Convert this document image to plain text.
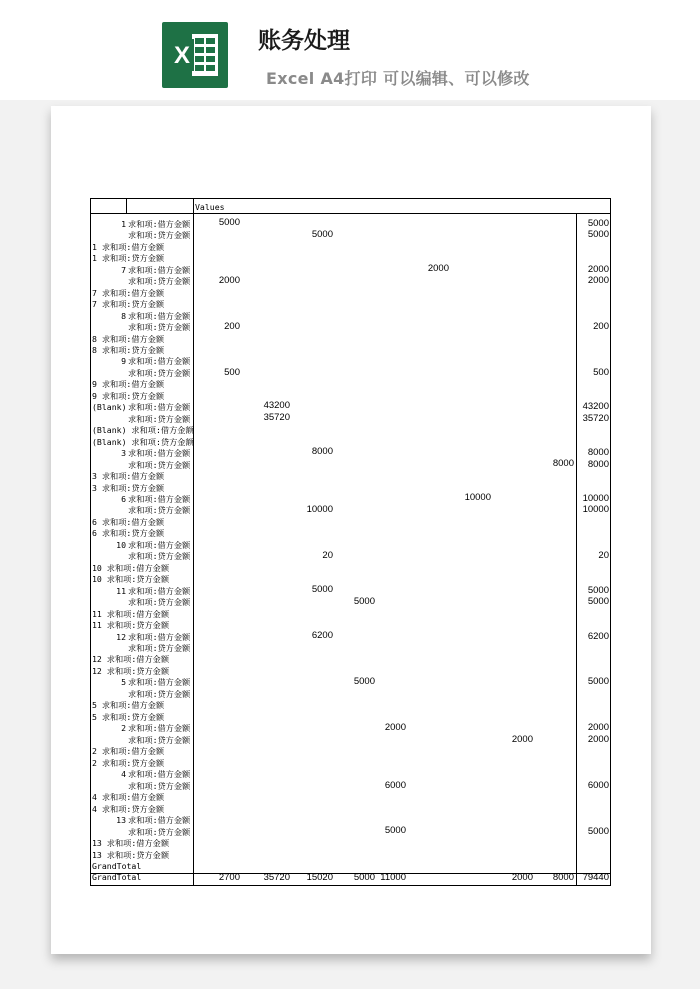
X
账务处理
Excel A4打印 可以编辑、可以修改
Values
1 求和项:借方金额
求和项:贷方金额
1 求和项:借方金额
1 求和项:贷方金额
7 求和项:借方金额
求和项:贷方金额
7 求和项:借方金额
7 求和项:贷方金额
8 求和项:借方金额
求和项:贷方金额
8 求和项:借方金额
8 求和项:贷方金额
9 求和项:借方金额
求和项:贷方金额
9 求和项:借方金额
9 求和项:贷方金额
(Blank) 求和项:借方金额
求和项:贷方金额
(Blank) 求和项:借方金额
(Blank) 求和项:贷方金额
3 求和项:借方金额
求和项:贷方金额
3 求和项:借方金额
3 求和项:贷方金额
6 求和项:借方金额
求和项:贷方金额
6 求和项:借方金额
6 求和项:贷方金额
10 求和项:借方金额
求和项:贷方金额
10 求和项:借方金额
10 求和项:贷方金额
11 求和项:借方金额
求和项:贷方金额
11 求和项:借方金额
11 求和项:贷方金额
12 求和项:借方金额
求和项:贷方金额
12 求和项:借方金额
12 求和项:贷方金额
5 求和项:借方金额
求和项:贷方金额
5 求和项:借方金额
5 求和项:贷方金额
2 求和项:借方金额
求和项:贷方金额
2 求和项:借方金额
2 求和项:贷方金额
4 求和项:借方金额
求和项:贷方金额
4 求和项:借方金额
4 求和项:贷方金额
13 求和项:借方金额
求和项:贷方金额
13 求和项:借方金额
13 求和项:贷方金额
GrandTotal
GrandTotal
5000
5000
2000
2000
200
500
43200
35720
8000
8000
10000
10000
20
5000
5000
6200
5000
2000
2000
6000
5000
5000
5000
2000
2000
200
500
43200
35720
8000
8000
10000
10000
20
5000
5000
6200
5000
2000
2000
6000
5000
2700 35720 15020 5000 11000	2000 8000 79440
